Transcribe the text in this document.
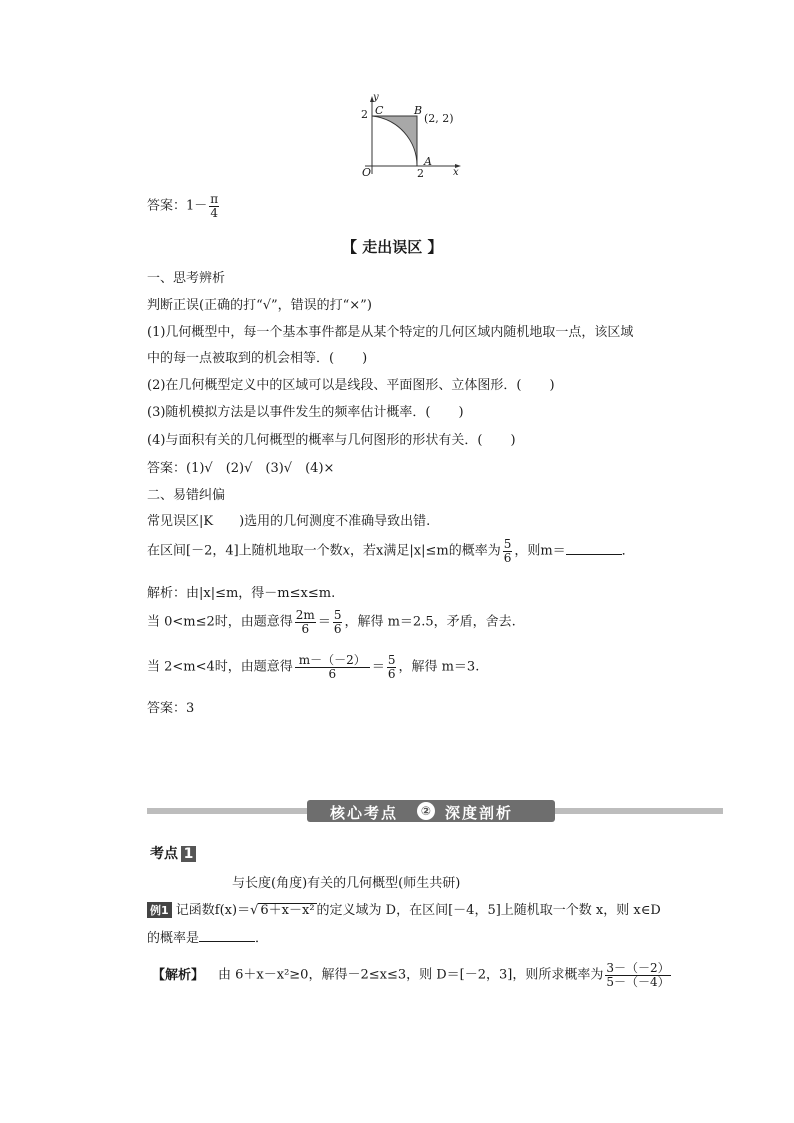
y
2 C	B
(2, 2)
A
O	2	x
答案：$1- \frac{\pi}{4}$
【 走出误区 】
一、思考辨析
判断正误(正确的打“√”，错误的打“×”)
(1)几何概型中，每一个基本事件都是从某个特定的几何区域内随机地取一点，该区域
中的每一点被取到的机会相等．( )
(2)在几何概型定义中的区域可以是线段、平面图形、立体图形．( )
(3)随机模拟方法是以事件发生的频率估计概率．( )
(4)与面积有关的几何概型的概率与几何图形的形状有关．( )
答案：(1)√　(2)√　(3)√　(4)×
二、易错纠偏
常见误区|K　　)选用的几何测度不准确导致出错.
在区间[－2，4]上随机地取一个数x，若x满足|x|≤m的概率为 $\frac{5}{6}$ ，则m＝	．
解析：由|x|≤m，得－m≤x≤m.
当 0<m≤2时，由题意得 $\frac{2m}{6} = \frac{5}{6}$ ，解得 m＝2.5，矛盾，舍去.
当 2<m<4时，由题意得 $\frac{m-(-2)}{6} = \frac{5}{6}$ ，解得 m＝3.
答案：3
核心考点	② 深度剖析
考点 1
与长度(角度)有关的几何概型(师生共研)
例1 记函数f(x)＝√ 6＋x－x² 的定义域为 D，在区间[－4，5]上随机取一个数 x，则 x∈D
的概率是	．
【解析】 由 6＋x－x²≥0，解得－2≤x≤3，则 D＝[－2，3]，则所求概率为 $\frac{3-(-2)}{5-(-4)}$
